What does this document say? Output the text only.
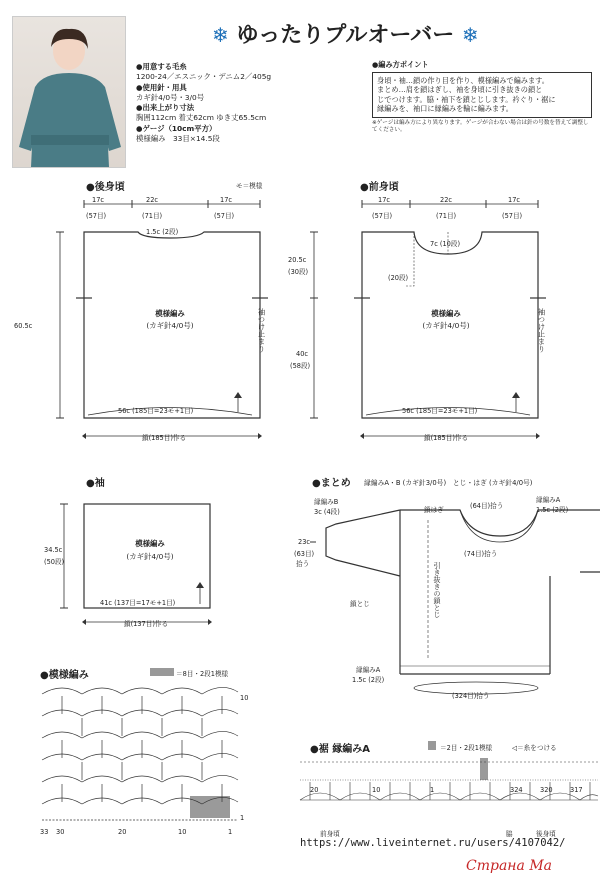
❄ ゆったりプルオーバー ❄
●用意する毛糸
1200-24／エスニック・デニム2／405g
●使用針・用具
カギ針4/0号・3/0号
●出来上がり寸法
胸囲112cm 着丈62cm ゆき丈65.5cm
●ゲージ（10cm平方）
模様編み　33目×14.5段
●編み方ポイント
身頃・袖…鎖の作り目を作り、模様編みで編みます。
まとめ…肩を鎖はぎし、袖を身頃に引き抜きの鎖と
じでつけます。脇・袖下を鎖とじします。衿ぐり・裾に
縁編みを、袖口に縁編みを輪に編みます。
※ゲージは編み方により異なります。ゲージが合わない場合は針の号数を替えて調整してください。
●後身頃	モ＝模様
17c	22c	17c
(57目)	(71目)	(57目)
1.5c (2段)
60.5c
模様編み
(カギ針4/0号)	袖つけ止まり
56c (185目=23モ+1目)
鎖(185目)作る
●前身頃
17c	22c	17c
(57目)	(71目)	(57目)
7c (10段)
(20段)
20.5c
(30段)
40c
(58段)
模様編み
(カギ針4/0号)	袖つけ止まり
56c (185目=23モ+1目)
鎖(185目)作る
●袖
34.5c
(50段)
模様編み
(カギ針4/0号)
41c (137目=17モ+1目)
鎖(137目)作る
●まとめ 縁編みA・B (カギ針3/0号)　とじ・はぎ (カギ針4/0号)
縁編みB
3c (4段)
23c
(63目)
拾う
鎖はぎ	(64目)拾う
縁編みA
1.5c (2段)
(74目)拾う
鎖とじ	引き抜きの鎖とじ
縁編みA
1.5c (2段)
(324目)拾う
●模様編み	＝8目・2段1模様
33 30	20	10	1
10
1
●裾 縁編みA	＝2目・2段1模様	◁＝糸をつける
20	10	1	324	320	317
前身頃	脇	後身頃
https://www.liveinternet.ru/users/4107042/
Страна Ма
